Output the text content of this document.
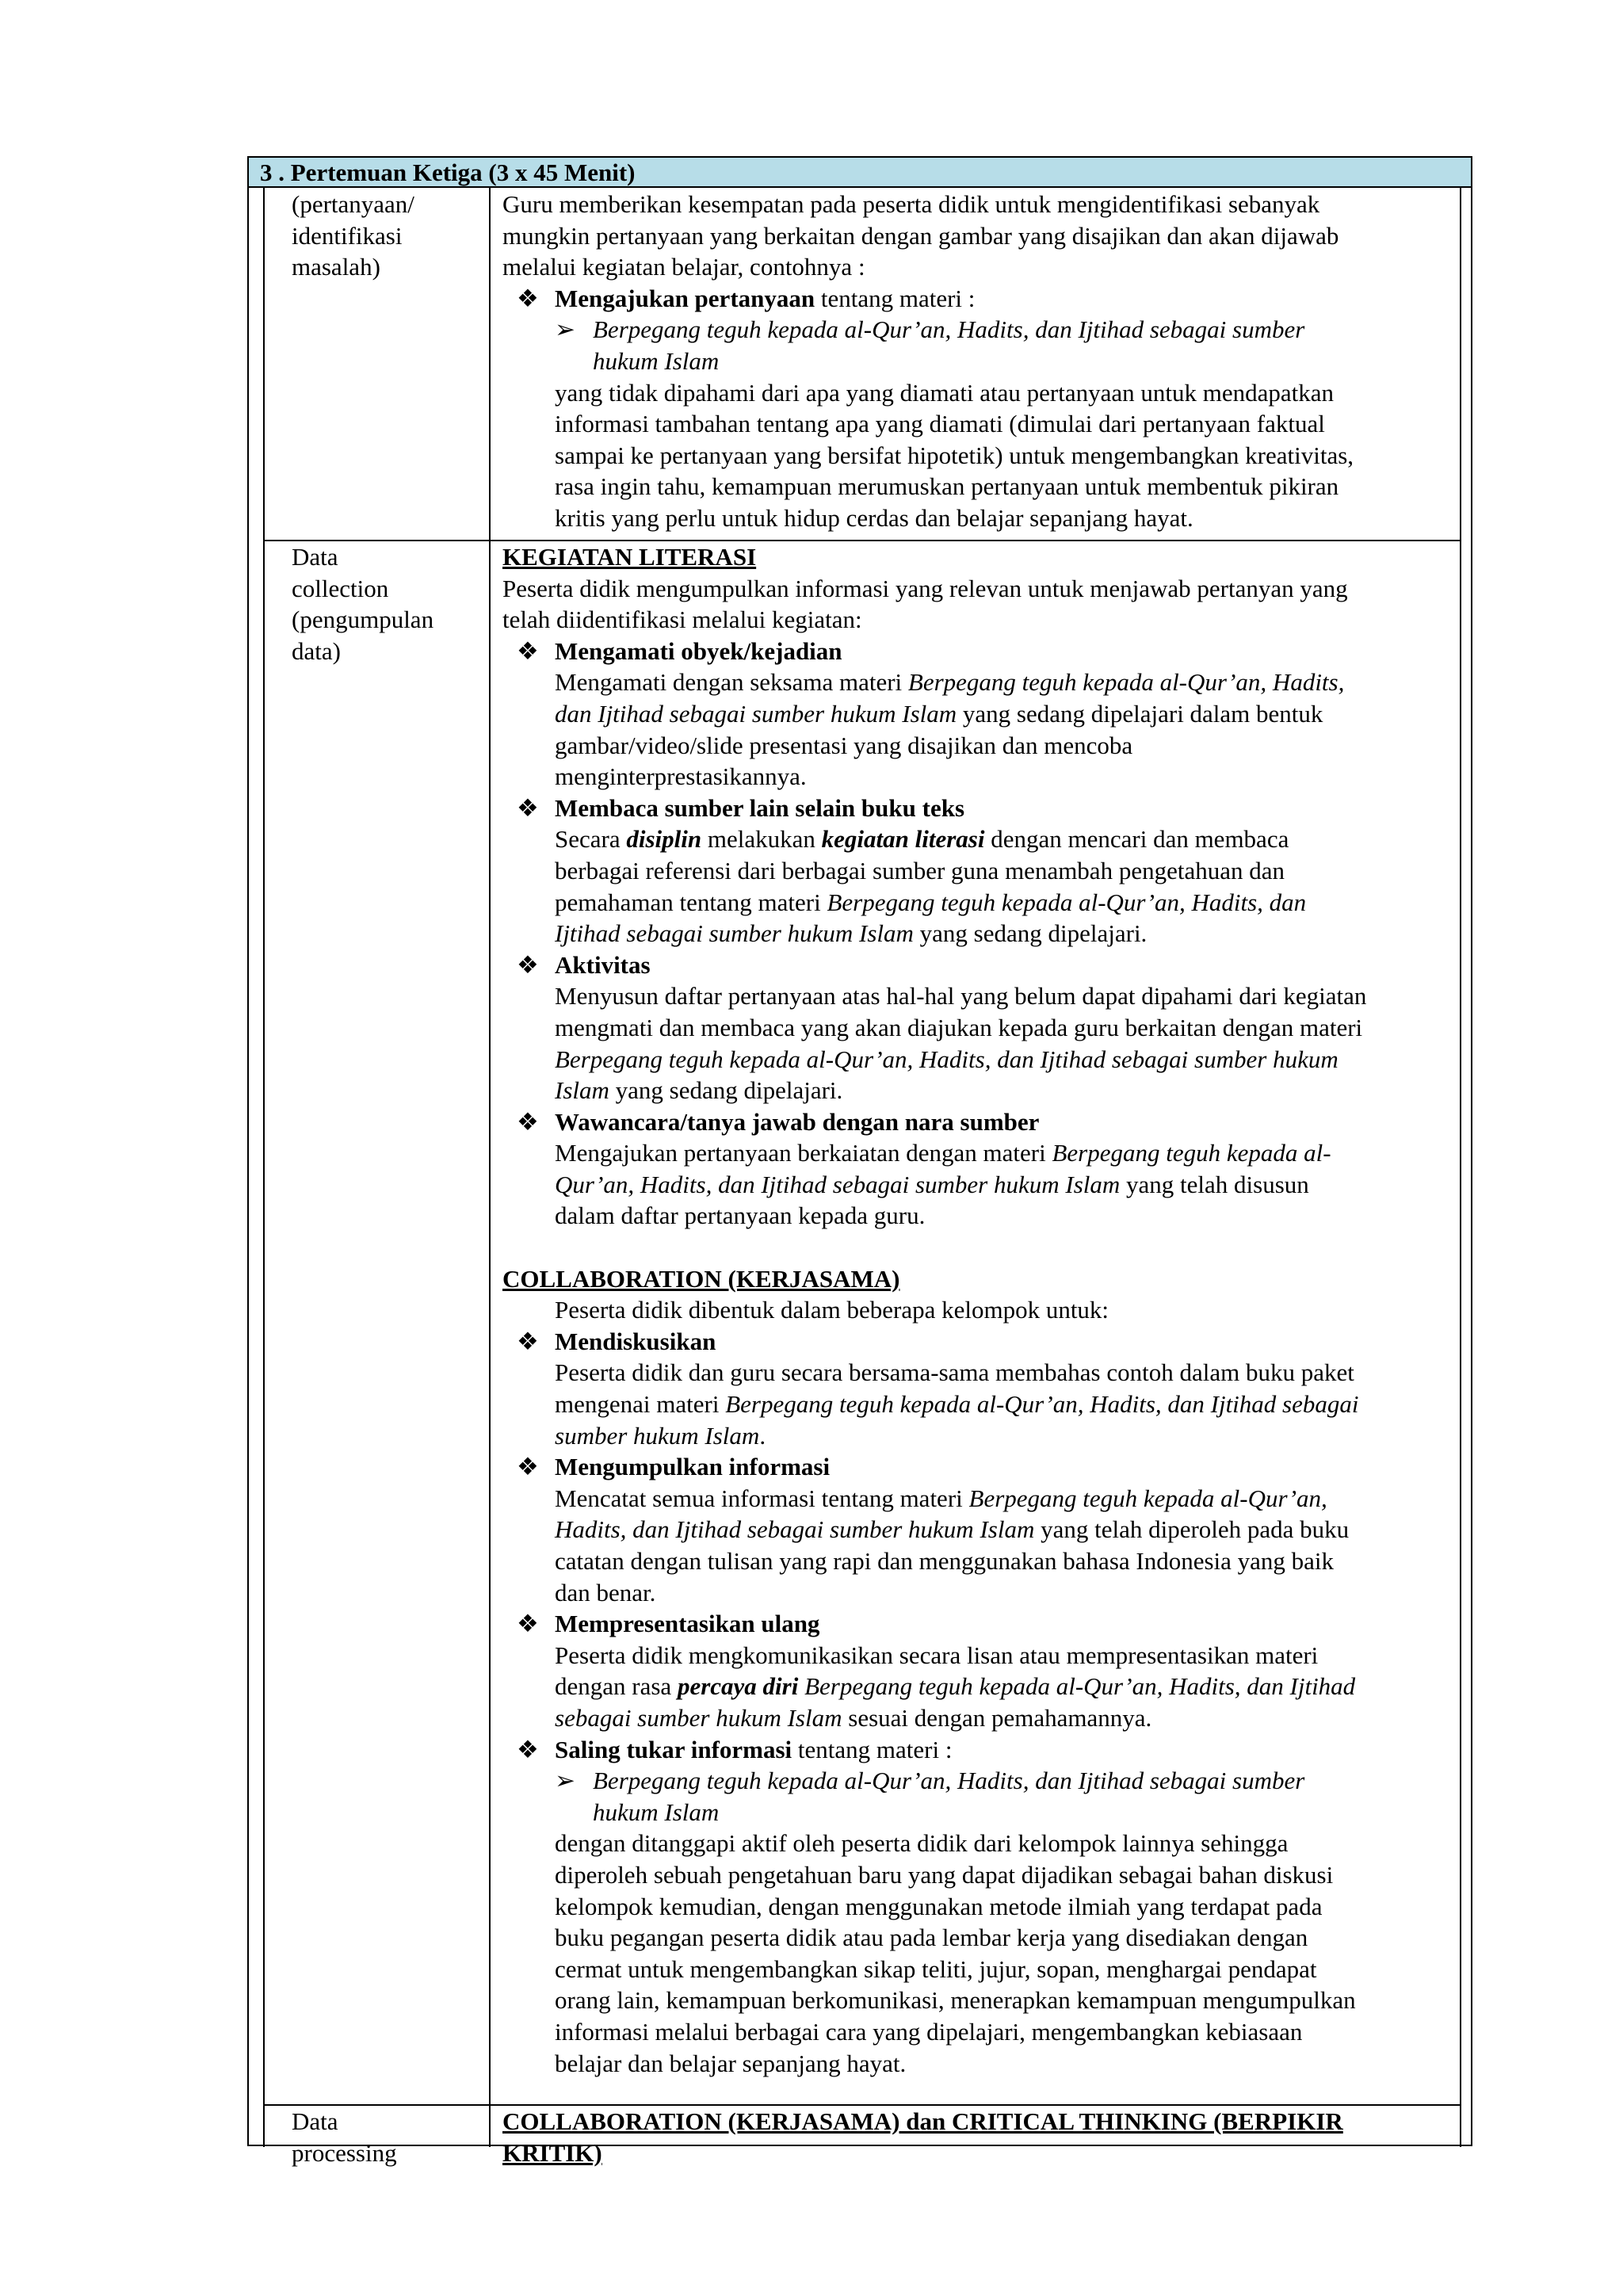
3 . Pertemuan Ketiga (3 x 45 Menit)
(pertanyaan/
identifikasi
masalah)
Guru memberikan kesempatan pada peserta didik untuk mengidentifikasi sebanyak
mungkin pertanyaan yang berkaitan dengan gambar yang disajikan dan akan dijawab
melalui kegiatan belajar, contohnya :
❖ Mengajukan pertanyaan tentang materi :
➢ Berpegang teguh kepada al-Qur’an, Hadits, dan Ijtihad sebagai sumber
hukum Islam
yang tidak dipahami dari apa yang diamati atau pertanyaan untuk mendapatkan
informasi tambahan tentang apa yang diamati (dimulai dari pertanyaan faktual
sampai ke pertanyaan yang bersifat hipotetik) untuk mengembangkan kreativitas,
rasa ingin tahu, kemampuan merumuskan pertanyaan untuk membentuk pikiran
kritis yang perlu untuk hidup cerdas dan belajar sepanjang hayat.
Data
collection
(pengumpulan
data)
KEGIATAN LITERASI
Peserta didik mengumpulkan informasi yang relevan untuk menjawab pertanyan yang
telah diidentifikasi melalui kegiatan:
❖ Mengamati obyek/kejadian
Mengamati dengan seksama materi Berpegang teguh kepada al-Qur’an, Hadits,
dan Ijtihad sebagai sumber hukum Islam yang sedang dipelajari dalam bentuk
gambar/video/slide presentasi yang disajikan dan mencoba
menginterprestasikannya.
❖ Membaca sumber lain selain buku teks
Secara disiplin melakukan kegiatan literasi dengan mencari dan membaca
berbagai referensi dari berbagai sumber guna menambah pengetahuan dan
pemahaman tentang materi Berpegang teguh kepada al-Qur’an, Hadits, dan
Ijtihad sebagai sumber hukum Islam yang sedang dipelajari.
❖ Aktivitas
Menyusun daftar pertanyaan atas hal-hal yang belum dapat dipahami dari kegiatan
mengmati dan membaca yang akan diajukan kepada guru berkaitan dengan materi
Berpegang teguh kepada al-Qur’an, Hadits, dan Ijtihad sebagai sumber hukum
Islam yang sedang dipelajari.
❖ Wawancara/tanya jawab dengan nara sumber
Mengajukan pertanyaan berkaiatan dengan materi Berpegang teguh kepada al-
Qur’an, Hadits, dan Ijtihad sebagai sumber hukum Islam yang telah disusun
dalam daftar pertanyaan kepada guru.
COLLABORATION (KERJASAMA)
Peserta didik dibentuk dalam beberapa kelompok untuk:
❖ Mendiskusikan
Peserta didik dan guru secara bersama-sama membahas contoh dalam buku paket
mengenai materi Berpegang teguh kepada al-Qur’an, Hadits, dan Ijtihad sebagai
sumber hukum Islam.
❖ Mengumpulkan informasi
Mencatat semua informasi tentang materi Berpegang teguh kepada al-Qur’an,
Hadits, dan Ijtihad sebagai sumber hukum Islam yang telah diperoleh pada buku
catatan dengan tulisan yang rapi dan menggunakan bahasa Indonesia yang baik
dan benar.
❖ Mempresentasikan ulang
Peserta didik mengkomunikasikan secara lisan atau mempresentasikan materi
dengan rasa percaya diri Berpegang teguh kepada al-Qur’an, Hadits, dan Ijtihad
sebagai sumber hukum Islam sesuai dengan pemahamannya.
❖ Saling tukar informasi tentang materi :
➢ Berpegang teguh kepada al-Qur’an, Hadits, dan Ijtihad sebagai sumber
hukum Islam
dengan ditanggapi aktif oleh peserta didik dari kelompok lainnya sehingga
diperoleh sebuah pengetahuan baru yang dapat dijadikan sebagai bahan diskusi
kelompok kemudian, dengan menggunakan metode ilmiah yang terdapat pada
buku pegangan peserta didik atau pada lembar kerja yang disediakan dengan
cermat untuk mengembangkan sikap teliti, jujur, sopan, menghargai pendapat
orang lain, kemampuan berkomunikasi, menerapkan kemampuan mengumpulkan
informasi melalui berbagai cara yang dipelajari, mengembangkan kebiasaan
belajar dan belajar sepanjang hayat.
Data
processing
COLLABORATION (KERJASAMA) dan CRITICAL THINKING (BERPIKIR
KRITIK)
